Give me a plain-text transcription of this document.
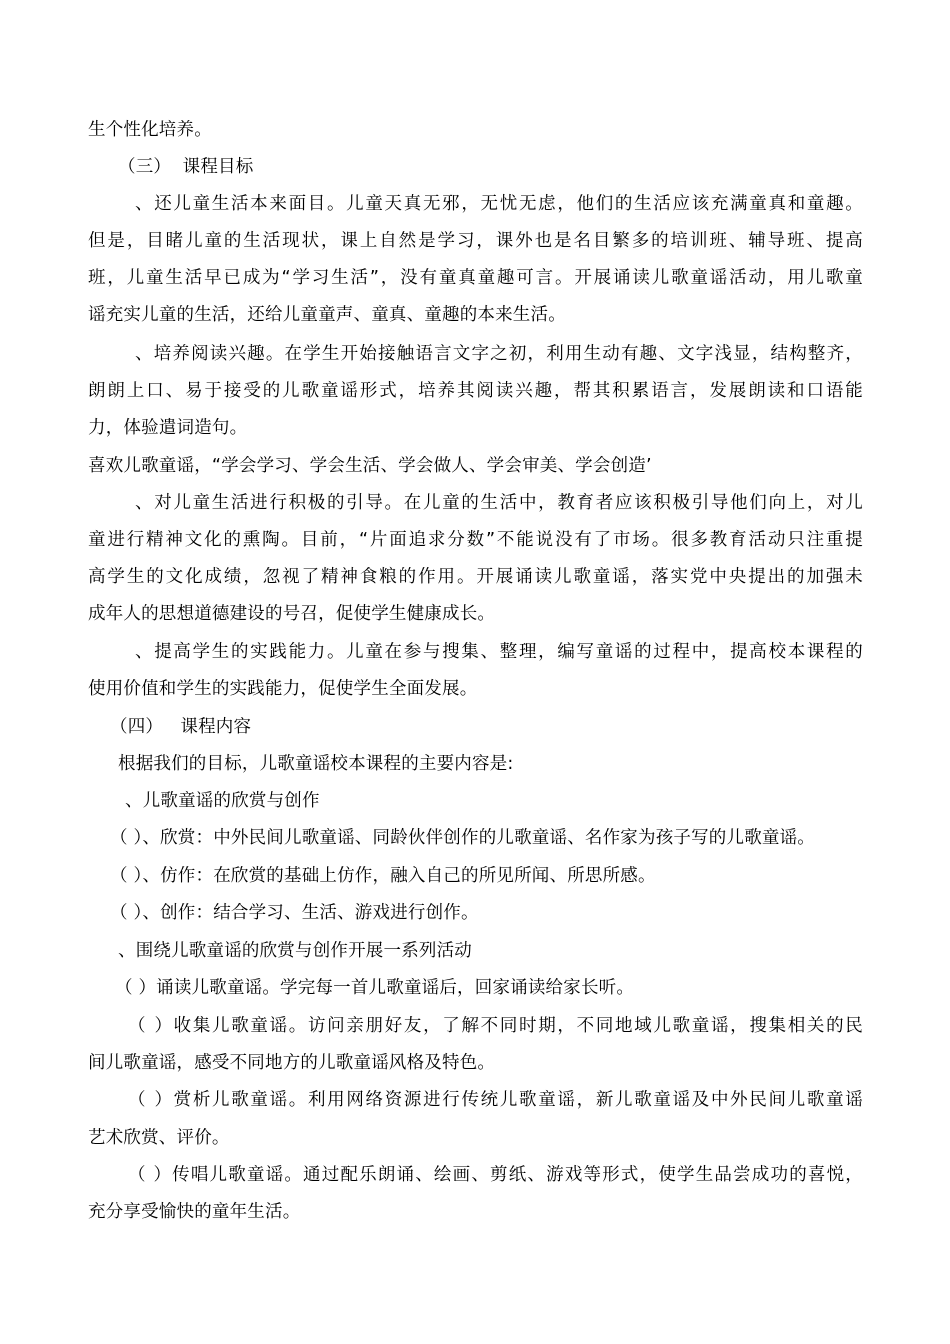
生个性化培养。
（三）  课程目标
、还儿童生活本来面目。儿童天真无邪，无忧无虑，他们的生活应该充满童真和童趣。
但是，目睹儿童的生活现状，课上自然是学习，课外也是名目繁多的培训班、辅导班、提高
班，儿童生活早已成为“学习生活”，没有童真童趣可言。开展诵读儿歌童谣活动，用儿歌童
谣充实儿童的生活，还给儿童童声、童真、童趣的本来生活。
、培养阅读兴趣。在学生开始接触语言文字之初，利用生动有趣、文字浅显，结构整齐，
朗朗上口、易于接受的儿歌童谣形式，培养其阅读兴趣，帮其积累语言，发展朗读和口语能
力，体验遣词造句。
喜欢儿歌童谣，“学会学习、学会生活、学会做人、学会审美、学会创造’
、对儿童生活进行积极的引导。在儿童的生活中，教育者应该积极引导他们向上，对儿
童进行精神文化的熏陶。目前，“片面追求分数”不能说没有了市场。很多教育活动只注重提
高学生的文化成绩，忽视了精神食粮的作用。开展诵读儿歌童谣，落实党中央提出的加强未
成年人的思想道德建设的号召，促使学生健康成长。
、提高学生的实践能力。儿童在参与搜集、整理，编写童谣的过程中，提高校本课程的
使用价值和学生的实践能力，促使学生全面发展。
（四）   课程内容
根据我们的目标，儿歌童谣校本课程的主要内容是:
、儿歌童谣的欣赏与创作
（ ）、欣赏：中外民间儿歌童谣、同龄伙伴创作的儿歌童谣、名作家为孩子写的儿歌童谣。
（ ）、仿作：在欣赏的基础上仿作，融入自己的所见所闻、所思所感。
（ ）、创作：结合学习、生活、游戏进行创作。
、围绕儿歌童谣的欣赏与创作开展一系列活动
（ ）诵读儿歌童谣。学完每一首儿歌童谣后，回家诵读给家长听。
（ ）收集儿歌童谣。访问亲朋好友，了解不同时期，不同地域儿歌童谣，搜集相关的民
间儿歌童谣，感受不同地方的儿歌童谣风格及特色。
（ ）赏析儿歌童谣。利用网络资源进行传统儿歌童谣，新儿歌童谣及中外民间儿歌童谣
艺术欣赏、评价。
（ ）传唱儿歌童谣。通过配乐朗诵、绘画、剪纸、游戏等形式，使学生品尝成功的喜悦，
充分享受愉快的童年生活。
